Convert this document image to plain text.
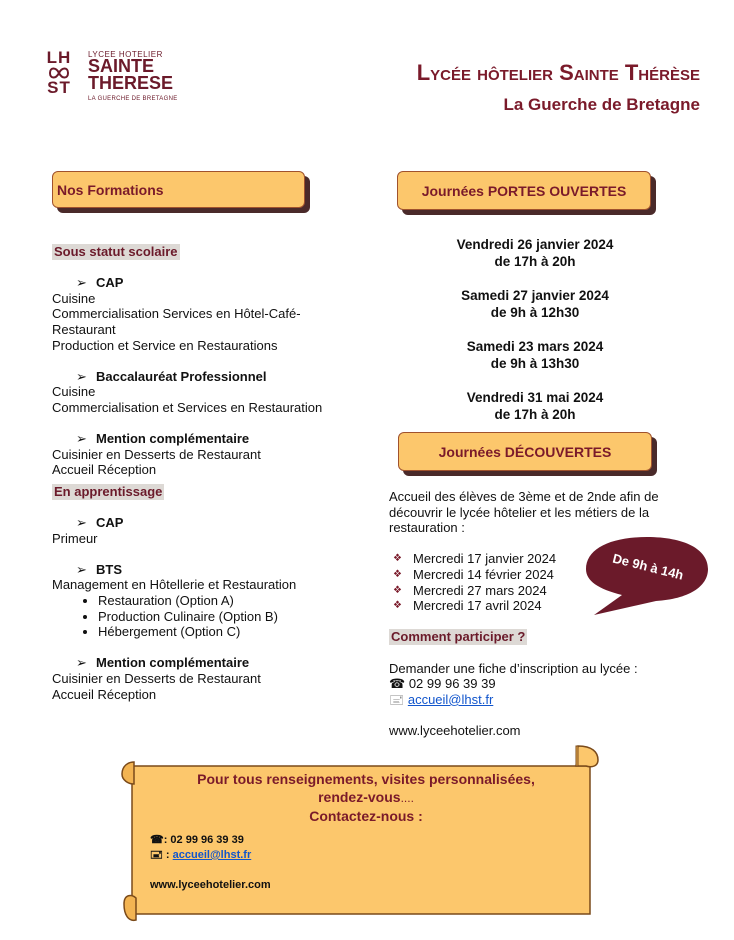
LH
ST
LYCEE HOTELIER
SAINTE
THERESE
LA GUERCHE DE BRETAGNE
Lycée hôtelier Sainte Thérèse
La Guerche de Bretagne
Nos Formations	Journées PORTES OUVERTES
Journées DÉCOUVERTES
Sous statut scolaire
➢ CAP
Cuisine
Commercialisation Services en Hôtel-Café-Restaurant
Production et Service en Restaurations
➢ Baccalauréat Professionnel
Cuisine
Commercialisation et Services en Restauration
➢ Mention complémentaire
Cuisinier en Desserts de Restaurant
Accueil Réception
En apprentissage
➢ CAP
Primeur
➢ BTS
Management en Hôtellerie et Restauration
• Restauration (Option A)
• Production Culinaire (Option B)
• Hébergement (Option C)
➢ Mention complémentaire
Cuisinier en Desserts de Restaurant
Accueil Réception
Vendredi 26 janvier 2024
de 17h à 20h
Samedi 27 janvier 2024
de 9h à 12h30
Samedi 23 mars 2024
de 9h à 13h30
Vendredi 31 mai 2024
de 17h à 20h
Accueil des élèves de 3ème et de 2nde afin de découvrir le lycée hôtelier et les métiers de la restauration :
❖ Mercredi 17 janvier 2024
❖ Mercredi 14 février 2024
❖ Mercredi 27 mars 2024
❖ Mercredi 17 avril 2024
Comment participer ?
Demander une fiche d’inscription au lycée :
☎ 02 99 96 39 39
🖃 accueil@lhst.fr
www.lyceehotelier.com
De 9h à 14h
Pour tous renseignements, visites personnalisées,
rendez-vous....
Contactez-nous :
☎: 02 99 96 39 39
🖃 : accueil@lhst.fr
www.lyceehotelier.com
